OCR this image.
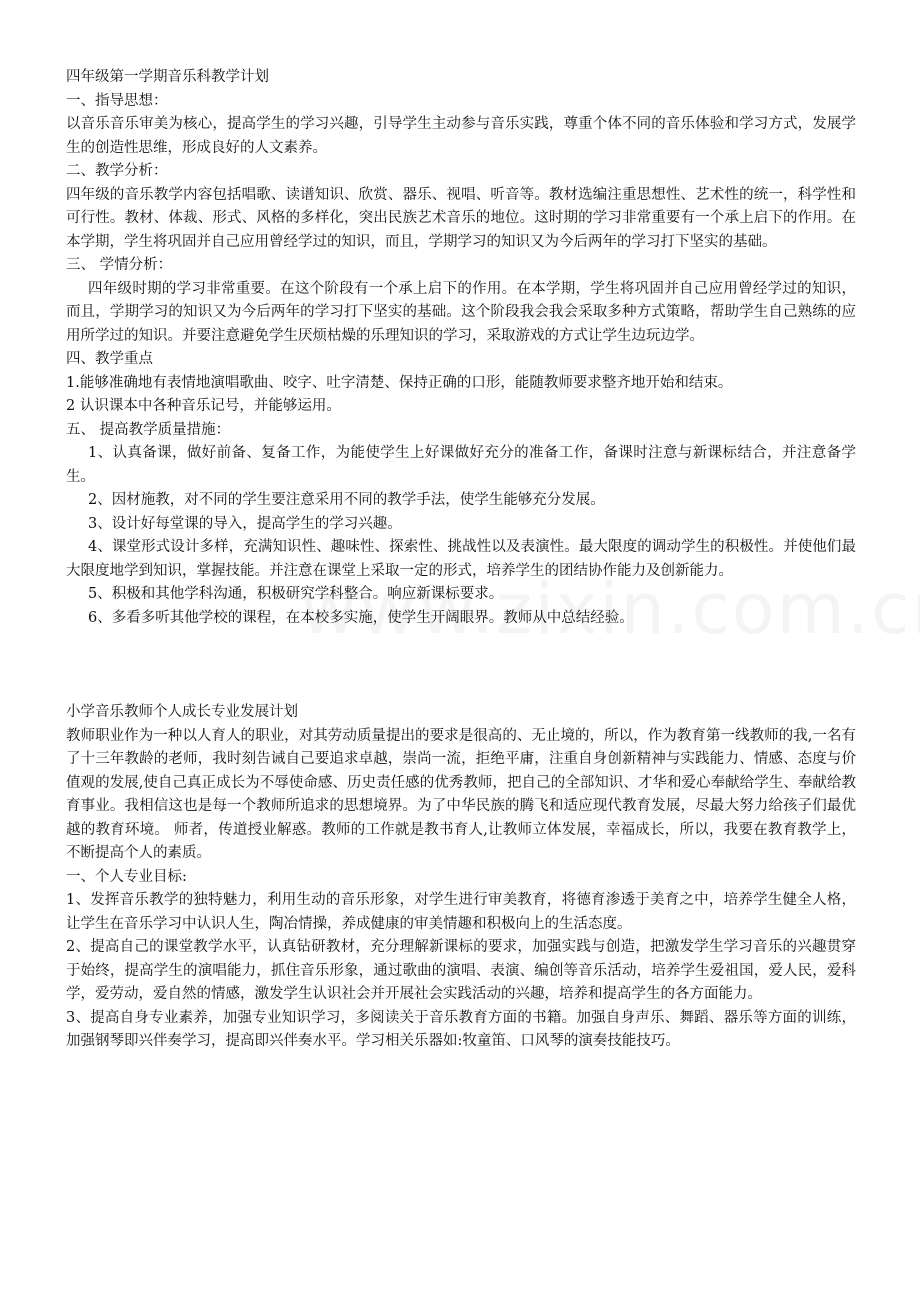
四年级第一学期音乐科教学计划

一、指导思想：

以音乐音乐审美为核心，提高学生的学习兴趣，引导学生主动参与音乐实践，尊重个体不同的音乐体验和学习方式，发展学生的创造性思维，形成良好的人文素养。

二、教学分析：

四年级的音乐教学内容包括唱歌、读谱知识、欣赏、器乐、视唱、听音等。教材选编注重思想性、艺术性的统一，科学性和可行性。教材、体裁、形式、风格的多样化，突出民族艺术音乐的地位。这时期的学习非常重要有一个承上启下的作用。在本学期，学生将巩固并自己应用曾经学过的知识，而且，学期学习的知识又为今后两年的学习打下坚实的基础。

三、 学情分析：

四年级时期的学习非常重要。在这个阶段有一个承上启下的作用。在本学期，学生将巩固并自己应用曾经学过的知识，而且，学期学习的知识又为今后两年的学习打下坚实的基础。这个阶段我会我会采取多种方式策略，帮助学生自己熟练的应用所学过的知识。并要注意避免学生厌烦枯燥的乐理知识的学习，采取游戏的方式让学生边玩边学。

四、教学重点

1.能够准确地有表情地演唱歌曲、咬字、吐字清楚、保持正确的口形，能随教师要求整齐地开始和结束。

2 认识课本中各种音乐记号，并能够运用。

五、 提高教学质量措施：

1、认真备课，做好前备、复备工作，为能使学生上好课做好充分的准备工作，备课时注意与新课标结合，并注意备学生。

2、因材施教，对不同的学生要注意采用不同的教学手法，使学生能够充分发展。

3、设计好每堂课的导入，提高学生的学习兴趣。

4、课堂形式设计多样，充满知识性、趣味性、探索性、挑战性以及表演性。最大限度的调动学生的积极性。并使他们最大限度地学到知识，掌握技能。并注意在课堂上采取一定的形式，培养学生的团结协作能力及创新能力。

5、积极和其他学科沟通，积极研究学科整合。响应新课标要求。

6、多看多听其他学校的课程，在本校多实施，使学生开阔眼界。教师从中总结经验。

小学音乐教师个人成长专业发展计划

教师职业作为一种以人育人的职业，对其劳动质量提出的要求是很高的、无止境的，所以，作为教育第一线教师的我,一名有了十三年教龄的老师，我时刻告诫自己要追求卓越，崇尚一流，拒绝平庸，注重自身创新精神与实践能力、情感、态度与价值观的发展,使自己真正成长为不辱使命感、历史责任感的优秀教师，把自己的全部知识、才华和爱心奉献给学生、奉献给教育事业。我相信这也是每一个教师所追求的思想境界。为了中华民族的腾飞和适应现代教育发展，尽最大努力给孩子们最优越的教育环境。 师者，传道授业解惑。教师的工作就是教书育人,让教师立体发展，幸福成长，所以，我要在教育教学上，不断提高个人的素质。

一、个人专业目标:

1、发挥音乐教学的独特魅力，利用生动的音乐形象，对学生进行审美教育，将德育渗透于美育之中，培养学生健全人格，让学生在音乐学习中认识人生，陶冶情操，养成健康的审美情趣和积极向上的生活态度。

2、提高自己的课堂教学水平，认真钻研教材，充分理解新课标的要求，加强实践与创造，把激发学生学习音乐的兴趣贯穿于始终，提高学生的演唱能力，抓住音乐形象，通过歌曲的演唱、表演、编创等音乐活动，培养学生爱祖国，爱人民，爱科学，爱劳动，爱自然的情感，激发学生认识社会并开展社会实践活动的兴趣，培养和提高学生的各方面能力。

3、提高自身专业素养，加强专业知识学习，多阅读关于音乐教育方面的书籍。加强自身声乐、舞蹈、器乐等方面的训练，加强钢琴即兴伴奏学习，提高即兴伴奏水平。学习相关乐器如:牧童笛、口风琴的演奏技能技巧。
